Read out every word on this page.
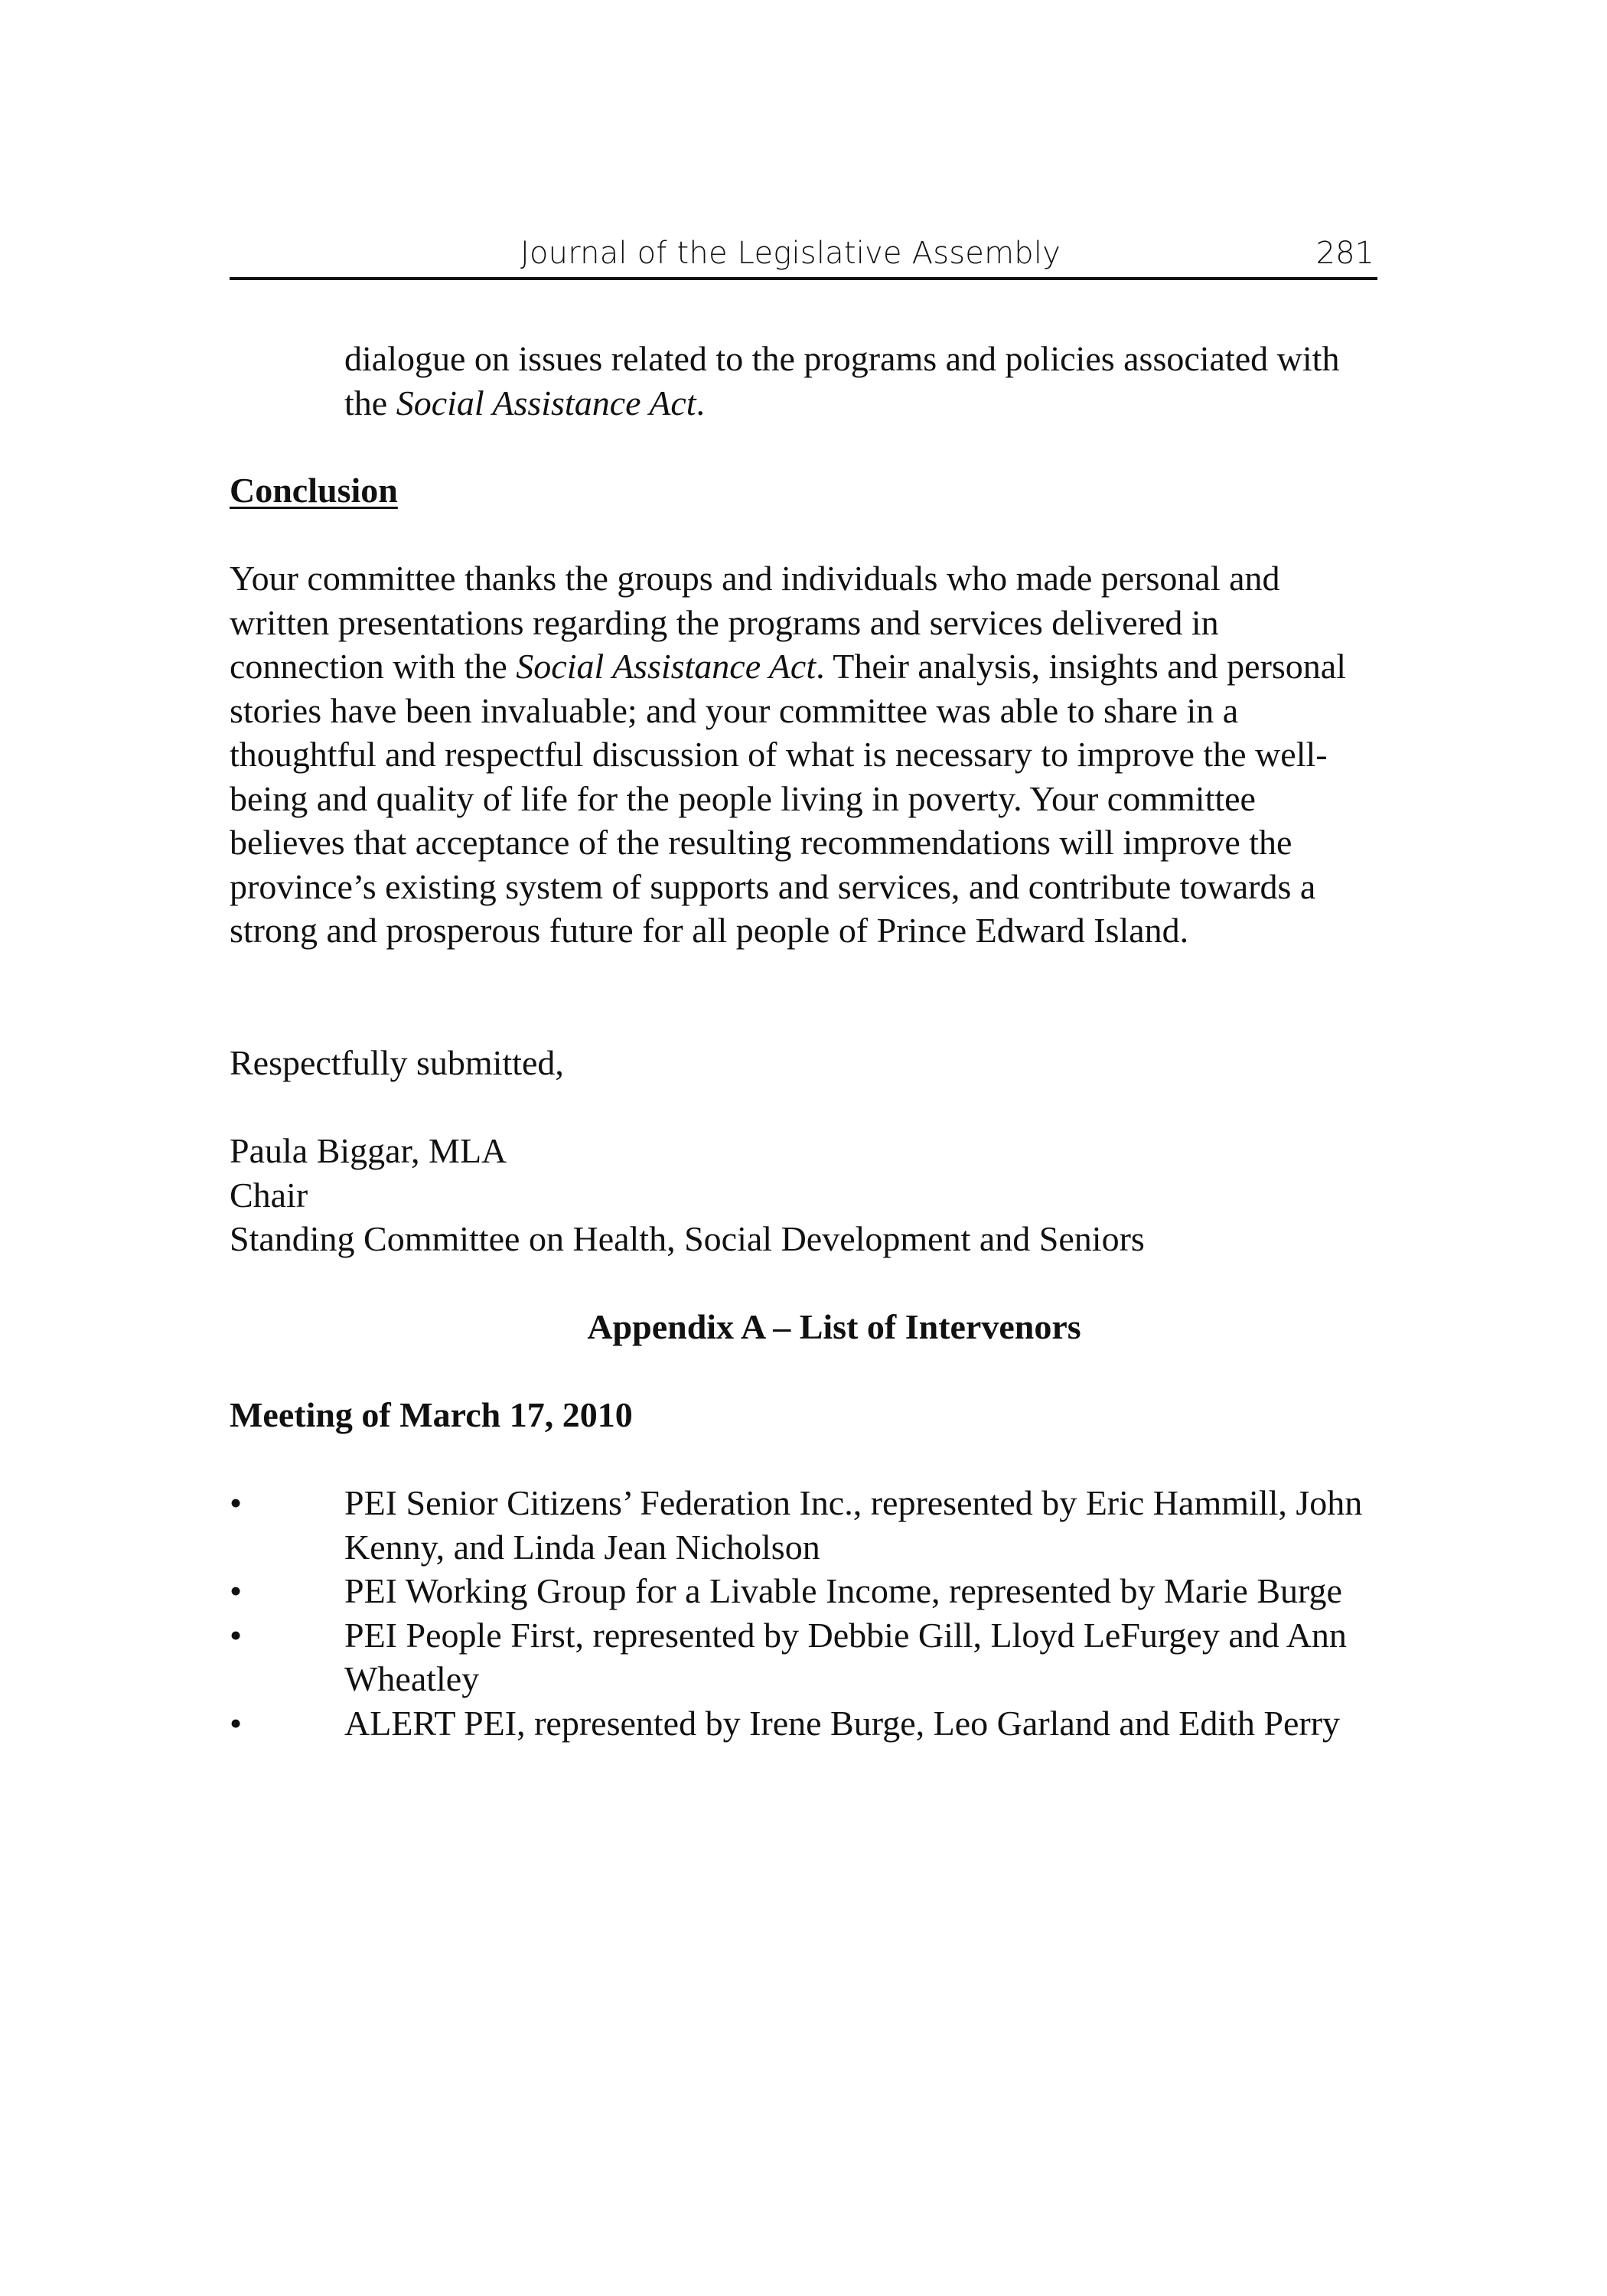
Journal of the Legislative Assembly	281

dialogue on issues related to the programs and policies associated with the Social Assistance Act.

Conclusion

Your committee thanks the groups and individuals who made personal and written presentations regarding the programs and services delivered in connection with the Social Assistance Act. Their analysis, insights and personal stories have been invaluable; and your committee was able to share in a thoughtful and respectful discussion of what is necessary to improve the well-being and quality of life for the people living in poverty. Your committee believes that acceptance of the resulting recommendations will improve the province’s existing system of supports and services, and contribute towards a strong and prosperous future for all people of Prince Edward Island.

Respectfully submitted,

Paula Biggar, MLA
Chair
Standing Committee on Health, Social Development and Seniors
Appendix A – List of Intervenors
Meeting of March 17, 2010
•	PEI Senior Citizens’ Federation Inc., represented by Eric Hammill, John Kenny, and Linda Jean Nicholson
•	PEI Working Group for a Livable Income, represented by Marie Burge
•	PEI People First, represented by Debbie Gill, Lloyd LeFurgey and Ann Wheatley
•	ALERT PEI, represented by Irene Burge, Leo Garland and Edith Perry
